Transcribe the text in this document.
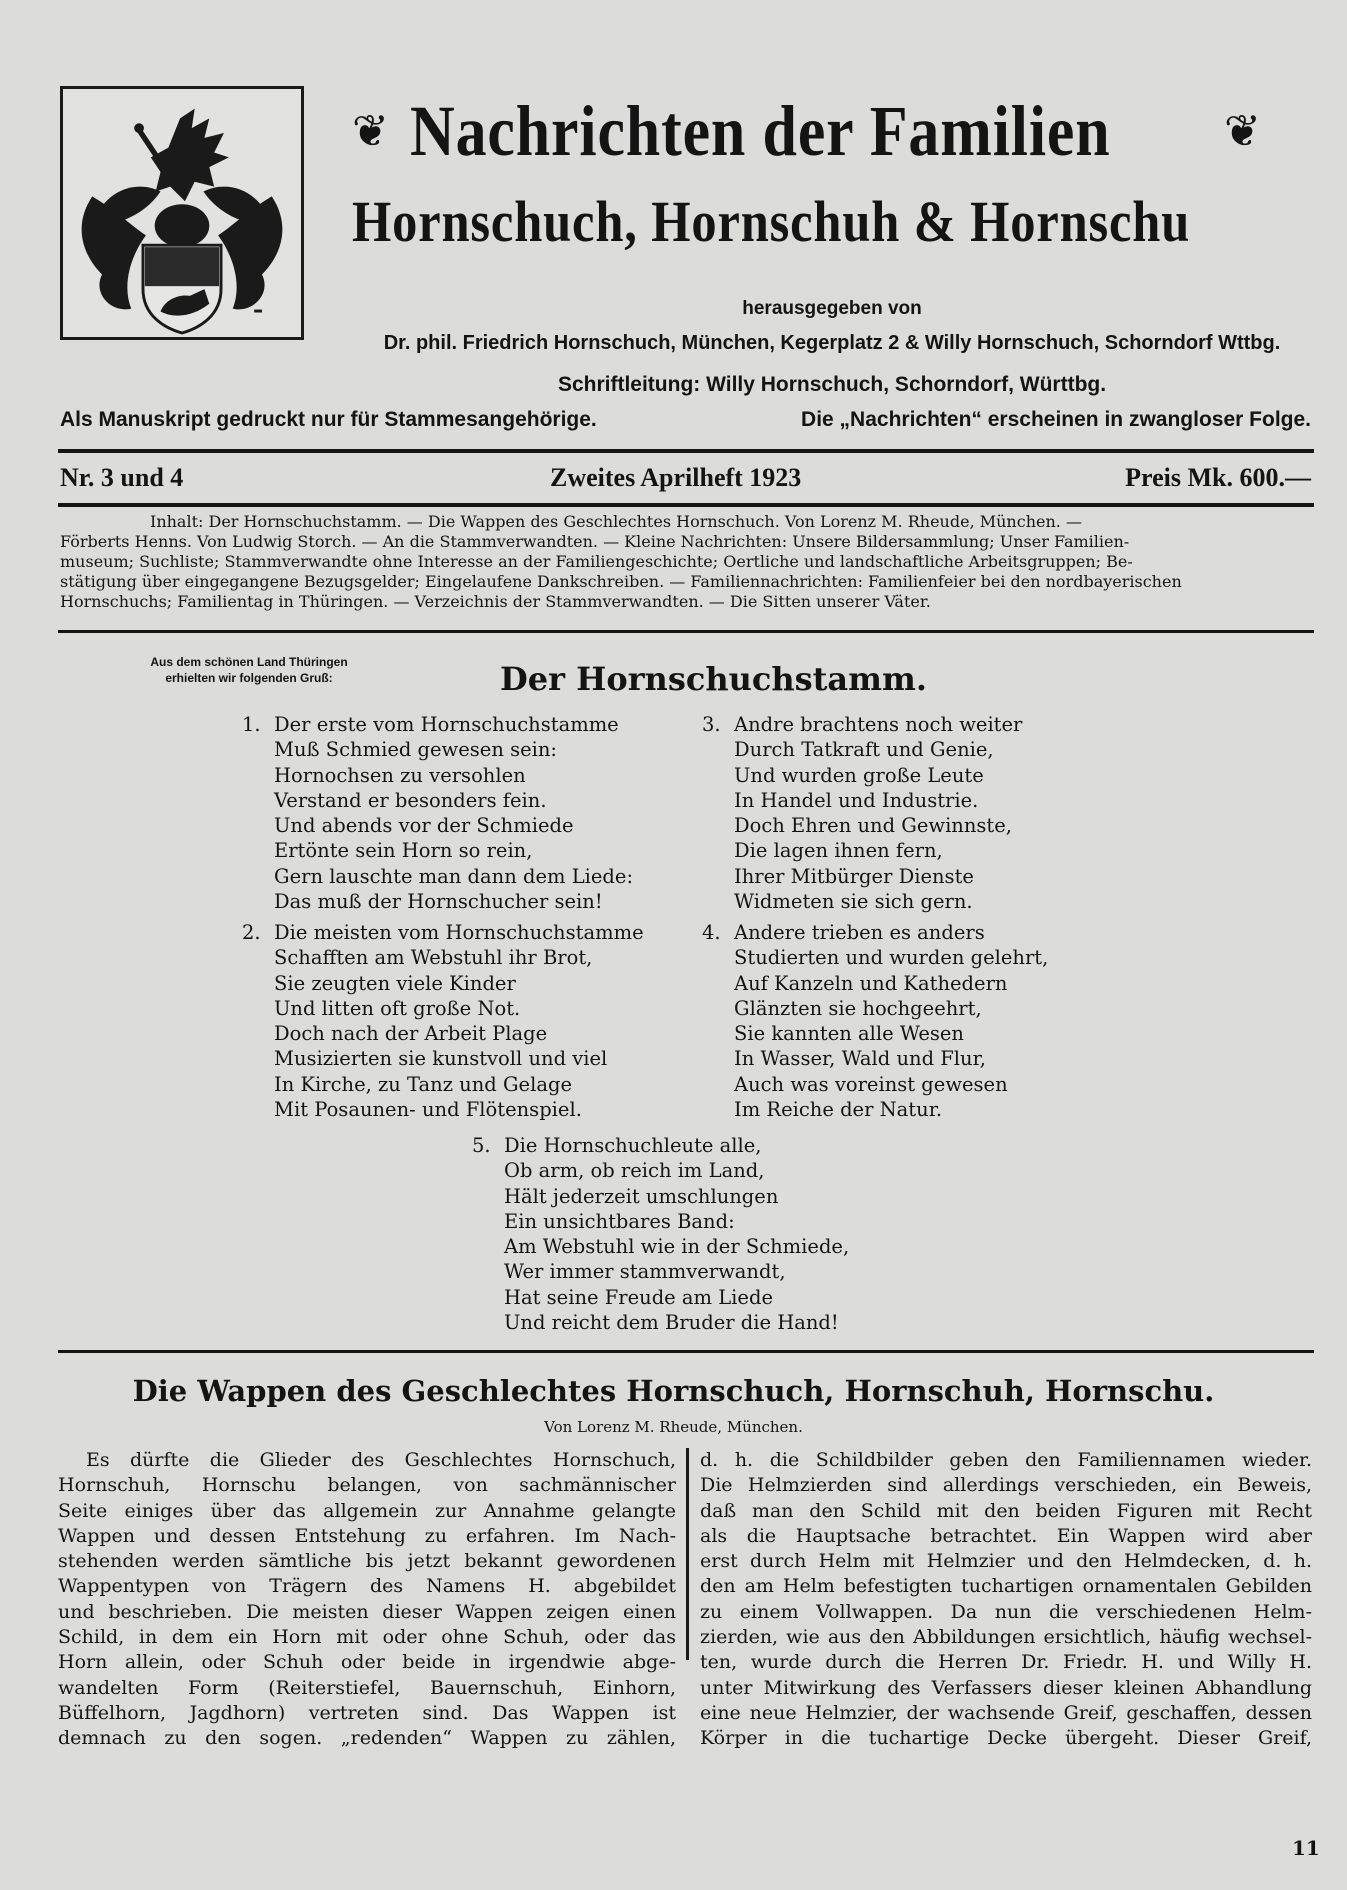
❦	❦
Nachrichten der Familien
Hornschuch, Hornschuh & Hornschu
herausgegeben von
Dr. phil. Friedrich Hornschuch, München, Kegerplatz 2 & Willy Hornschuch, Schorndorf Wttbg.
Schriftleitung: Willy Hornschuch, Schorndorf, Württbg.
Als Manuskript gedruckt nur für Stammesangehörige.	Die „Nachrichten“ erscheinen in zwangloser Folge.
Nr. 3 und 4	Zweites Aprilheft 1923	Preis Mk. 600.—

Inhalt: Der Hornschuchstamm. — Die Wappen des Geschlechtes Hornschuch. Von Lorenz M. Rheude, München. —

Förberts Henns. Von Ludwig Storch. — An die Stammverwandten. — Kleine Nachrichten: Unsere Bildersammlung; Unser Familien-

museum; Suchliste; Stammverwandte ohne Interesse an der Familiengeschichte; Oertliche und landschaftliche Arbeitsgruppen; Be-

stätigung über eingegangene Bezugsgelder; Eingelaufene Dankschreiben. — Familiennachrichten: Familienfeier bei den nordbayerischen

Hornschuchs; Familientag in Thüringen. — Verzeichnis der Stammverwandten. — Die Sitten unserer Väter.

Aus dem schönen Land Thüringen
erhielten wir folgenden Gruß:	Der Hornschuchstamm.
1. Der erste vom Hornschuchstamme
Muß Schmied gewesen sein:
Hornochsen zu versohlen
Verstand er besonders fein.
Und abends vor der Schmiede
Ertönte sein Horn so rein,
Gern lauschte man dann dem Liede:
Das muß der Hornschucher sein!
2. Die meisten vom Hornschuchstamme
Schafften am Webstuhl ihr Brot,
Sie zeugten viele Kinder
Und litten oft große Not.
Doch nach der Arbeit Plage
Musizierten sie kunstvoll und viel
In Kirche, zu Tanz und Gelage
Mit Posaunen- und Flötenspiel.
3. Andre brachtens noch weiter
Durch Tatkraft und Genie,
Und wurden große Leute
In Handel und Industrie.
Doch Ehren und Gewinnste,
Die lagen ihnen fern,
Ihrer Mitbürger Dienste
Widmeten sie sich gern.
4. Andere trieben es anders
Studierten und wurden gelehrt,
Auf Kanzeln und Kathedern
Glänzten sie hochgeehrt,
Sie kannten alle Wesen
In Wasser, Wald und Flur,
Auch was voreinst gewesen
Im Reiche der Natur.
5. Die Hornschuchleute alle,
Ob arm, ob reich im Land,
Hält jederzeit umschlungen
Ein unsichtbares Band:
Am Webstuhl wie in der Schmiede,
Wer immer stammverwandt,
Hat seine Freude am Liede
Und reicht dem Bruder die Hand!
Die Wappen des Geschlechtes Hornschuch, Hornschuh, Hornschu.
Von Lorenz M. Rheude, München.
Es dürfte die Glieder des Geschlechtes Hornschuch,
Hornschuh, Hornschu belangen, von sachmännischer
Seite einiges über das allgemein zur Annahme gelangte
Wappen und dessen Entstehung zu erfahren. Im Nach-
stehenden werden sämtliche bis jetzt bekannt gewordenen
Wappentypen von Trägern des Namens H. abgebildet
und beschrieben. Die meisten dieser Wappen zeigen einen
Schild, in dem ein Horn mit oder ohne Schuh, oder das
Horn allein, oder Schuh oder beide in irgendwie abge-
wandelten Form (Reiterstiefel, Bauernschuh, Einhorn,
Büffelhorn, Jagdhorn) vertreten sind. Das Wappen ist
demnach zu den sogen. „redenden“ Wappen zu zählen,
d. h. die Schildbilder geben den Familiennamen wieder.
Die Helmzierden sind allerdings verschieden, ein Beweis,
daß man den Schild mit den beiden Figuren mit Recht
als die Hauptsache betrachtet. Ein Wappen wird aber
erst durch Helm mit Helmzier und den Helmdecken, d. h.
den am Helm befestigten tuchartigen ornamentalen Gebilden
zu einem Vollwappen. Da nun die verschiedenen Helm-
zierden, wie aus den Abbildungen ersichtlich, häufig wechsel-
ten, wurde durch die Herren Dr. Friedr. H. und Willy H.
unter Mitwirkung des Verfassers dieser kleinen Abhandlung
eine neue Helmzier, der wachsende Greif, geschaffen, dessen
Körper in die tuchartige Decke übergeht. Dieser Greif,
11
